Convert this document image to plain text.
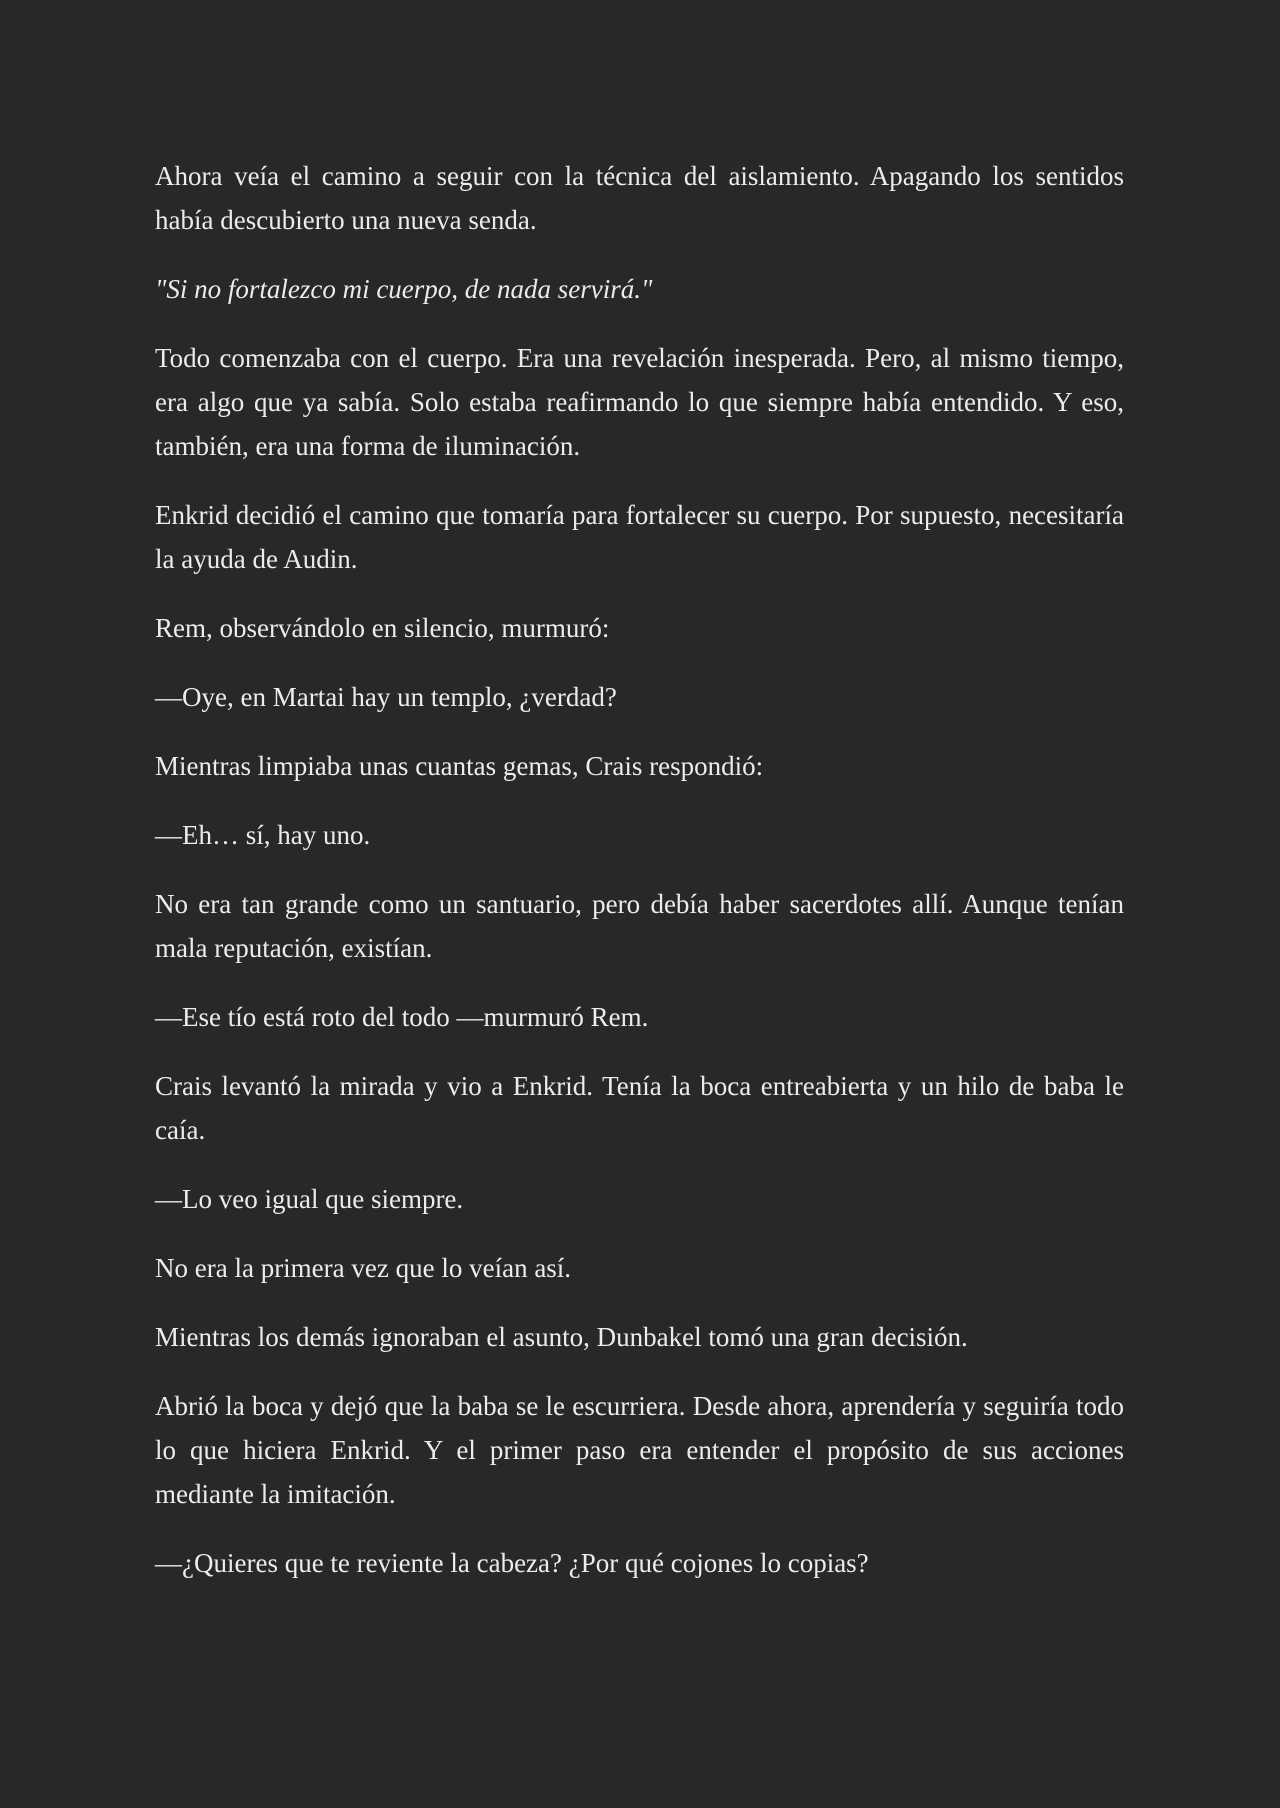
Ahora veía el camino a seguir con la técnica del aislamiento. Apagando los sentidos había descubierto una nueva senda.

"Si no fortalezco mi cuerpo, de nada servirá."

Todo comenzaba con el cuerpo. Era una revelación inesperada. Pero, al mismo tiempo, era algo que ya sabía. Solo estaba reafirmando lo que siempre había entendido. Y eso, también, era una forma de iluminación.

Enkrid decidió el camino que tomaría para fortalecer su cuerpo. Por supuesto, necesitaría la ayuda de Audin.

Rem, observándolo en silencio, murmuró:

—Oye, en Martai hay un templo, ¿verdad?

Mientras limpiaba unas cuantas gemas, Crais respondió:

—Eh… sí, hay uno.

No era tan grande como un santuario, pero debía haber sacerdotes allí. Aunque tenían mala reputación, existían.

—Ese tío está roto del todo —murmuró Rem.

Crais levantó la mirada y vio a Enkrid. Tenía la boca entreabierta y un hilo de baba le caía.

—Lo veo igual que siempre.

No era la primera vez que lo veían así.

Mientras los demás ignoraban el asunto, Dunbakel tomó una gran decisión.

Abrió la boca y dejó que la baba se le escurriera. Desde ahora, aprendería y seguiría todo lo que hiciera Enkrid. Y el primer paso era entender el propósito de sus acciones mediante la imitación.

—¿Quieres que te reviente la cabeza? ¿Por qué cojones lo copias?
